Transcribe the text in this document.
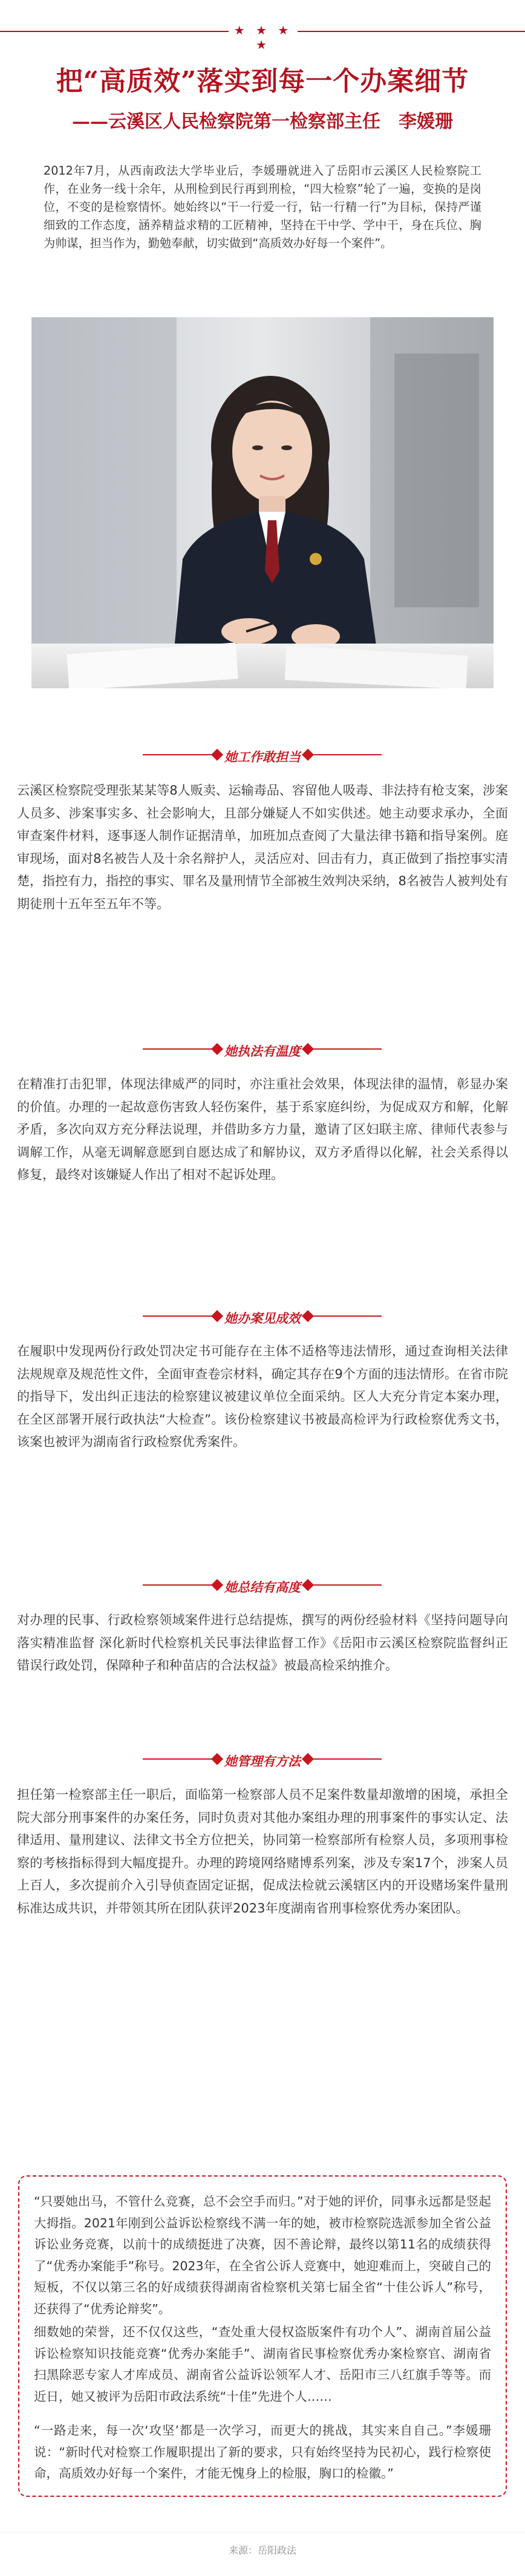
★ ★ ★ ★
把“高质效”落实到每一个办案细节
——云溪区人民检察院第一检察部主任　李媛珊

2012年7月，从西南政法大学毕业后，李媛珊就进入了岳阳市云溪区人民检察院工作，在业务一线十余年，从刑检到民行再到刑检，“四大检察”轮了一遍，变换的是岗位，不变的是检察情怀。她始终以“干一行爱一行，钻一行精一行”为目标，保持严谨细致的工作态度，涵养精益求精的工匠精神，坚持在干中学、学中干，身在兵位、胸为帅谋，担当作为，勤勉奉献，切实做到“高质效办好每一个案件”。

她工作敢担当

云溪区检察院受理张某某等8人贩卖、运输毒品、容留他人吸毒、非法持有枪支案，涉案人员多、涉案事实多、社会影响大，且部分嫌疑人不如实供述。她主动要求承办，全面审查案件材料，逐事逐人制作证据清单，加班加点查阅了大量法律书籍和指导案例。庭审现场，面对8名被告人及十余名辩护人，灵活应对、回击有力，真正做到了指控事实清楚，指控有力，指控的事实、罪名及量刑情节全部被生效判决采纳，8名被告人被判处有期徒刑十五年至五年不等。

她执法有温度

在精准打击犯罪，体现法律威严的同时，亦注重社会效果，体现法律的温情，彰显办案的价值。办理的一起故意伤害致人轻伤案件，基于系家庭纠纷，为促成双方和解，化解矛盾，多次向双方充分释法说理，并借助多方力量，邀请了区妇联主席、律师代表参与调解工作，从毫无调解意愿到自愿达成了和解协议，双方矛盾得以化解，社会关系得以修复，最终对该嫌疑人作出了相对不起诉处理。

她办案见成效

在履职中发现两份行政处罚决定书可能存在主体不适格等违法情形，通过查询相关法律法规规章及规范性文件，全面审查卷宗材料，确定其存在9个方面的违法情形。在省市院的指导下，发出纠正违法的检察建议被建议单位全面采纳。区人大充分肯定本案办理，在全区部署开展行政执法“大检查”。该份检察建议书被最高检评为行政检察优秀文书，该案也被评为湖南省行政检察优秀案件。

她总结有高度

对办理的民事、行政检察领域案件进行总结提炼，撰写的两份经验材料《坚持问题导向 落实精准监督 深化新时代检察机关民事法律监督工作》《岳阳市云溪区检察院监督纠正错误行政处罚，保障种子和种苗店的合法权益》被最高检采纳推介。

她管理有方法

担任第一检察部主任一职后，面临第一检察部人员不足案件数量却激增的困境，承担全院大部分刑事案件的办案任务，同时负责对其他办案组办理的刑事案件的事实认定、法律适用、量刑建议、法律文书全方位把关，协同第一检察部所有检察人员，多项刑事检察的考核指标得到大幅度提升。办理的跨境网络赌博系列案，涉及专案17个，涉案人员上百人，多次提前介入引导侦查固定证据，促成法检就云溪辖区内的开设赌场案件量刑标准达成共识，并带领其所在团队获评2023年度湖南省刑事检察优秀办案团队。

“只要她出马，不管什么竞赛，总不会空手而归。”对于她的评价，同事永远都是竖起大拇指。2021年刚到公益诉讼检察线不满一年的她，被市检察院选派参加全省公益诉讼业务竞赛，以前十的成绩挺进了决赛，因不善论辩，最终以第11名的成绩获得了“优秀办案能手”称号。2023年，在全省公诉人竞赛中，她迎难而上，突破自己的短板，不仅以第三名的好成绩获得湖南省检察机关第七届全省“十佳公诉人”称号，还获得了“优秀论辩奖”。

细数她的荣誉，还不仅仅这些，“查处重大侵权盗版案件有功个人”、湖南首届公益诉讼检察知识技能竞赛“优秀办案能手”、湖南省民事检察优秀办案检察官、湖南省扫黑除恶专家人才库成员、湖南省公益诉讼领军人才、岳阳市三八红旗手等等。而近日，她又被评为岳阳市政法系统“十佳”先进个人……

“一路走来，每一次‘攻坚’都是一次学习，而更大的挑战，其实来自自己。”李媛珊说：“新时代对检察工作履职提出了新的要求，只有始终坚持为民初心，践行检察使命，高质效办好每一个案件，才能无愧身上的检服，胸口的检徽。”

来源：岳阳政法
